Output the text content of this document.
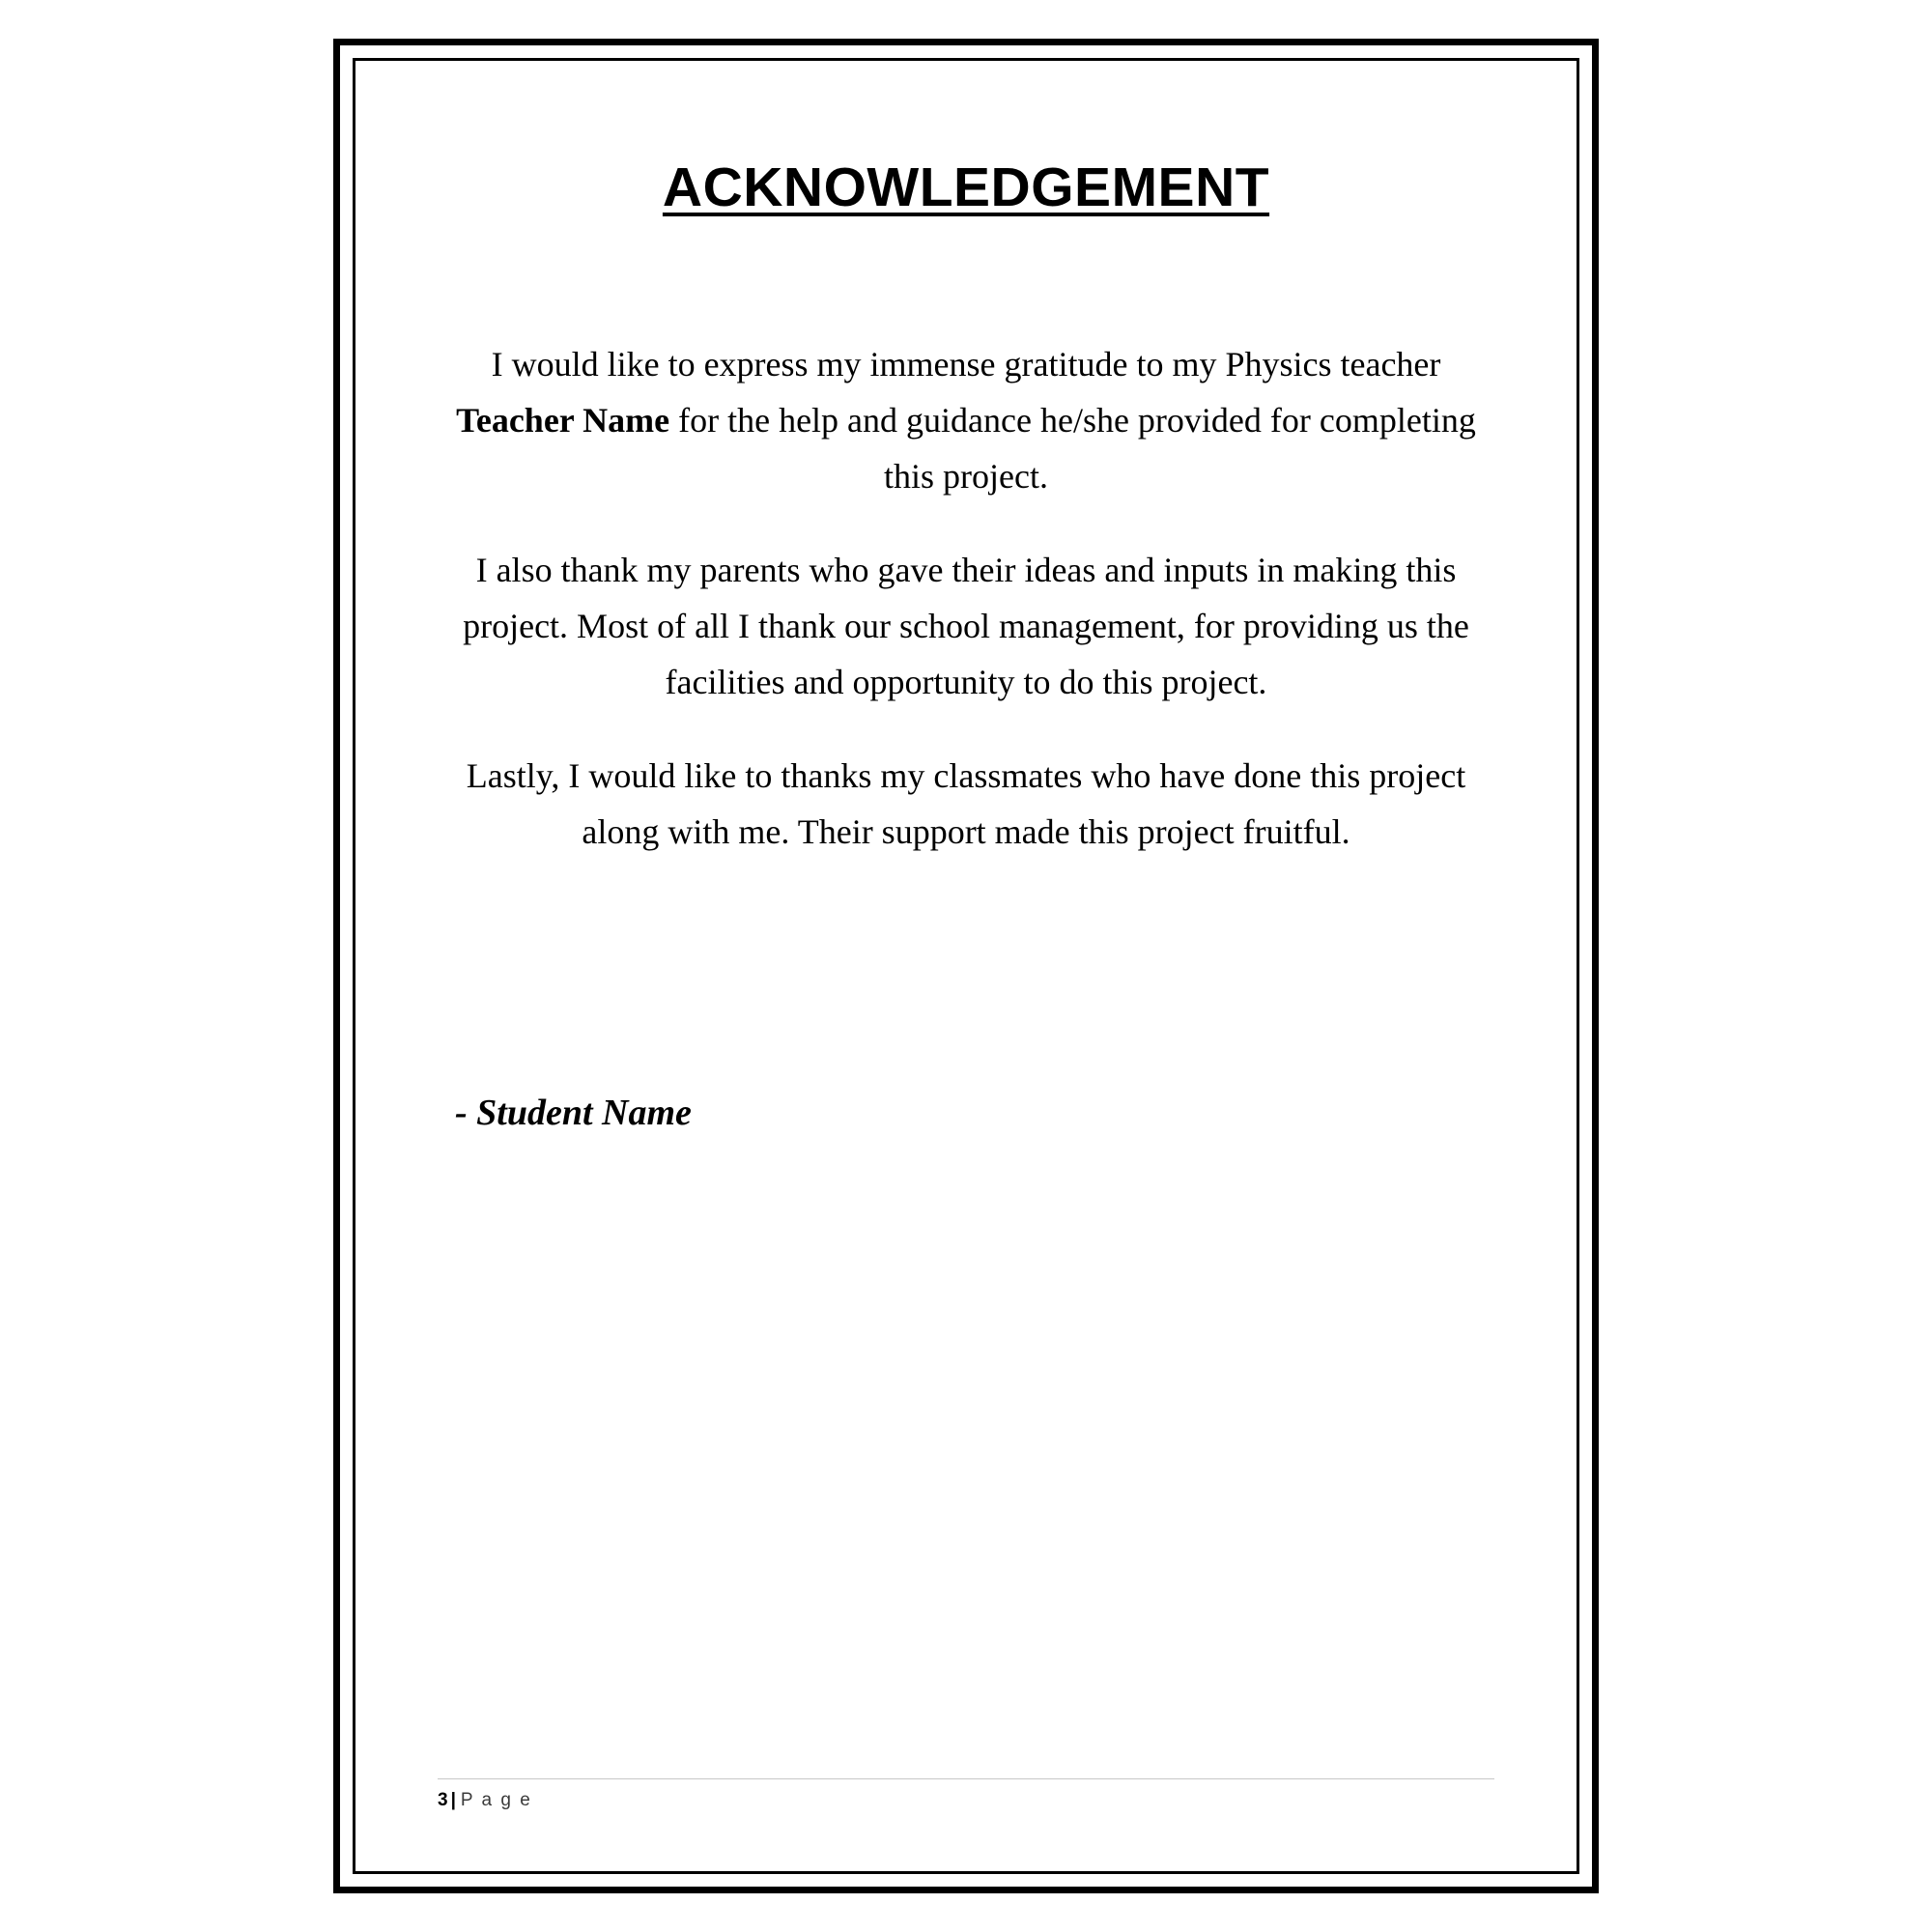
ACKNOWLEDGEMENT

I would like to express my immense gratitude to my Physics teacher Teacher Name for the help and guidance he/she provided for completing this project.

I also thank my parents who gave their ideas and inputs in making this project. Most of all I thank our school management, for providing us the facilities and opportunity to do this project.

Lastly, I would like to thanks my classmates who have done this project along with me. Their support made this project fruitful.

- Student Name
3 | P a g e
